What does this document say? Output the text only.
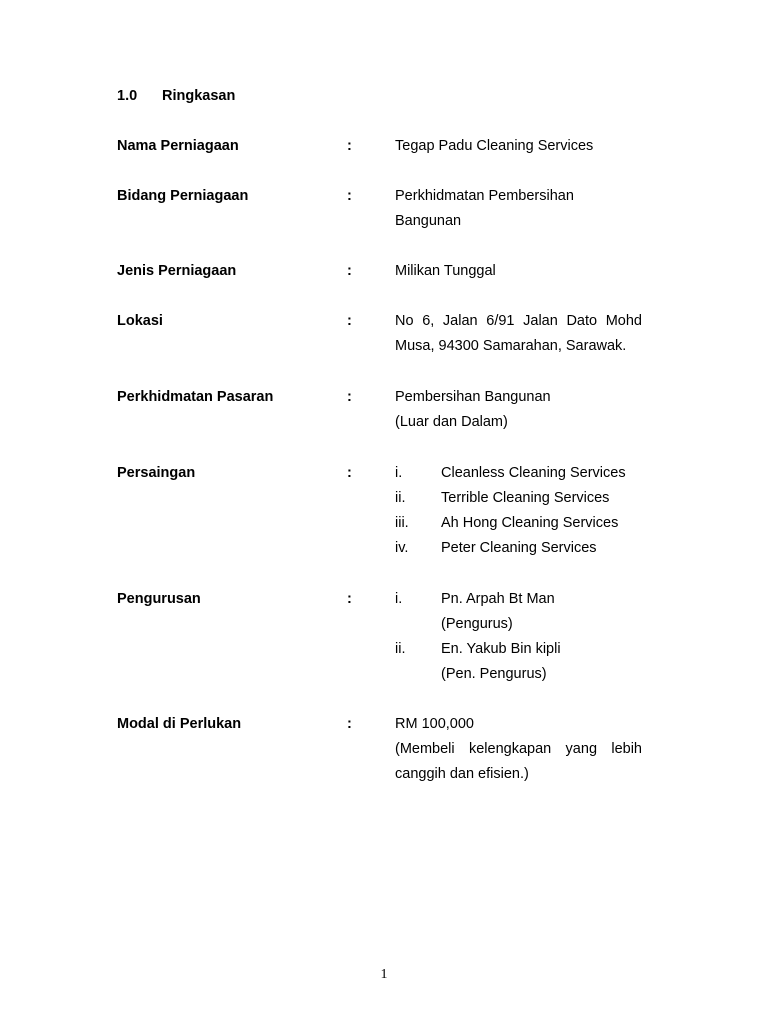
1.0 Ringkasan
Nama Perniagaan	:	Tegap Padu Cleaning Services
Bidang Perniagaan	:	Perkhidmatan Pembersihan
Bangunan
Jenis Perniagaan	:	Milikan Tunggal
Lokasi	:	No 6, Jalan 6/91 Jalan Dato Mohd Musa, 94300 Samarahan, Sarawak.
Perkhidmatan Pasaran	:	Pembersihan Bangunan
(Luar dan Dalam)
Persaingan	:	i.	Cleanless Cleaning Services
ii. Terrible Cleaning Services
iii. Ah Hong Cleaning Services
iv. Peter Cleaning Services
Pengurusan	:	i.	Pn. Arpah Bt Man
(Pengurus)
ii. En. Yakub Bin kipli
(Pen. Pengurus)
Modal di Perlukan	:	RM 100,000
(Membeli kelengkapan yang lebih canggih dan efisien.)
1
